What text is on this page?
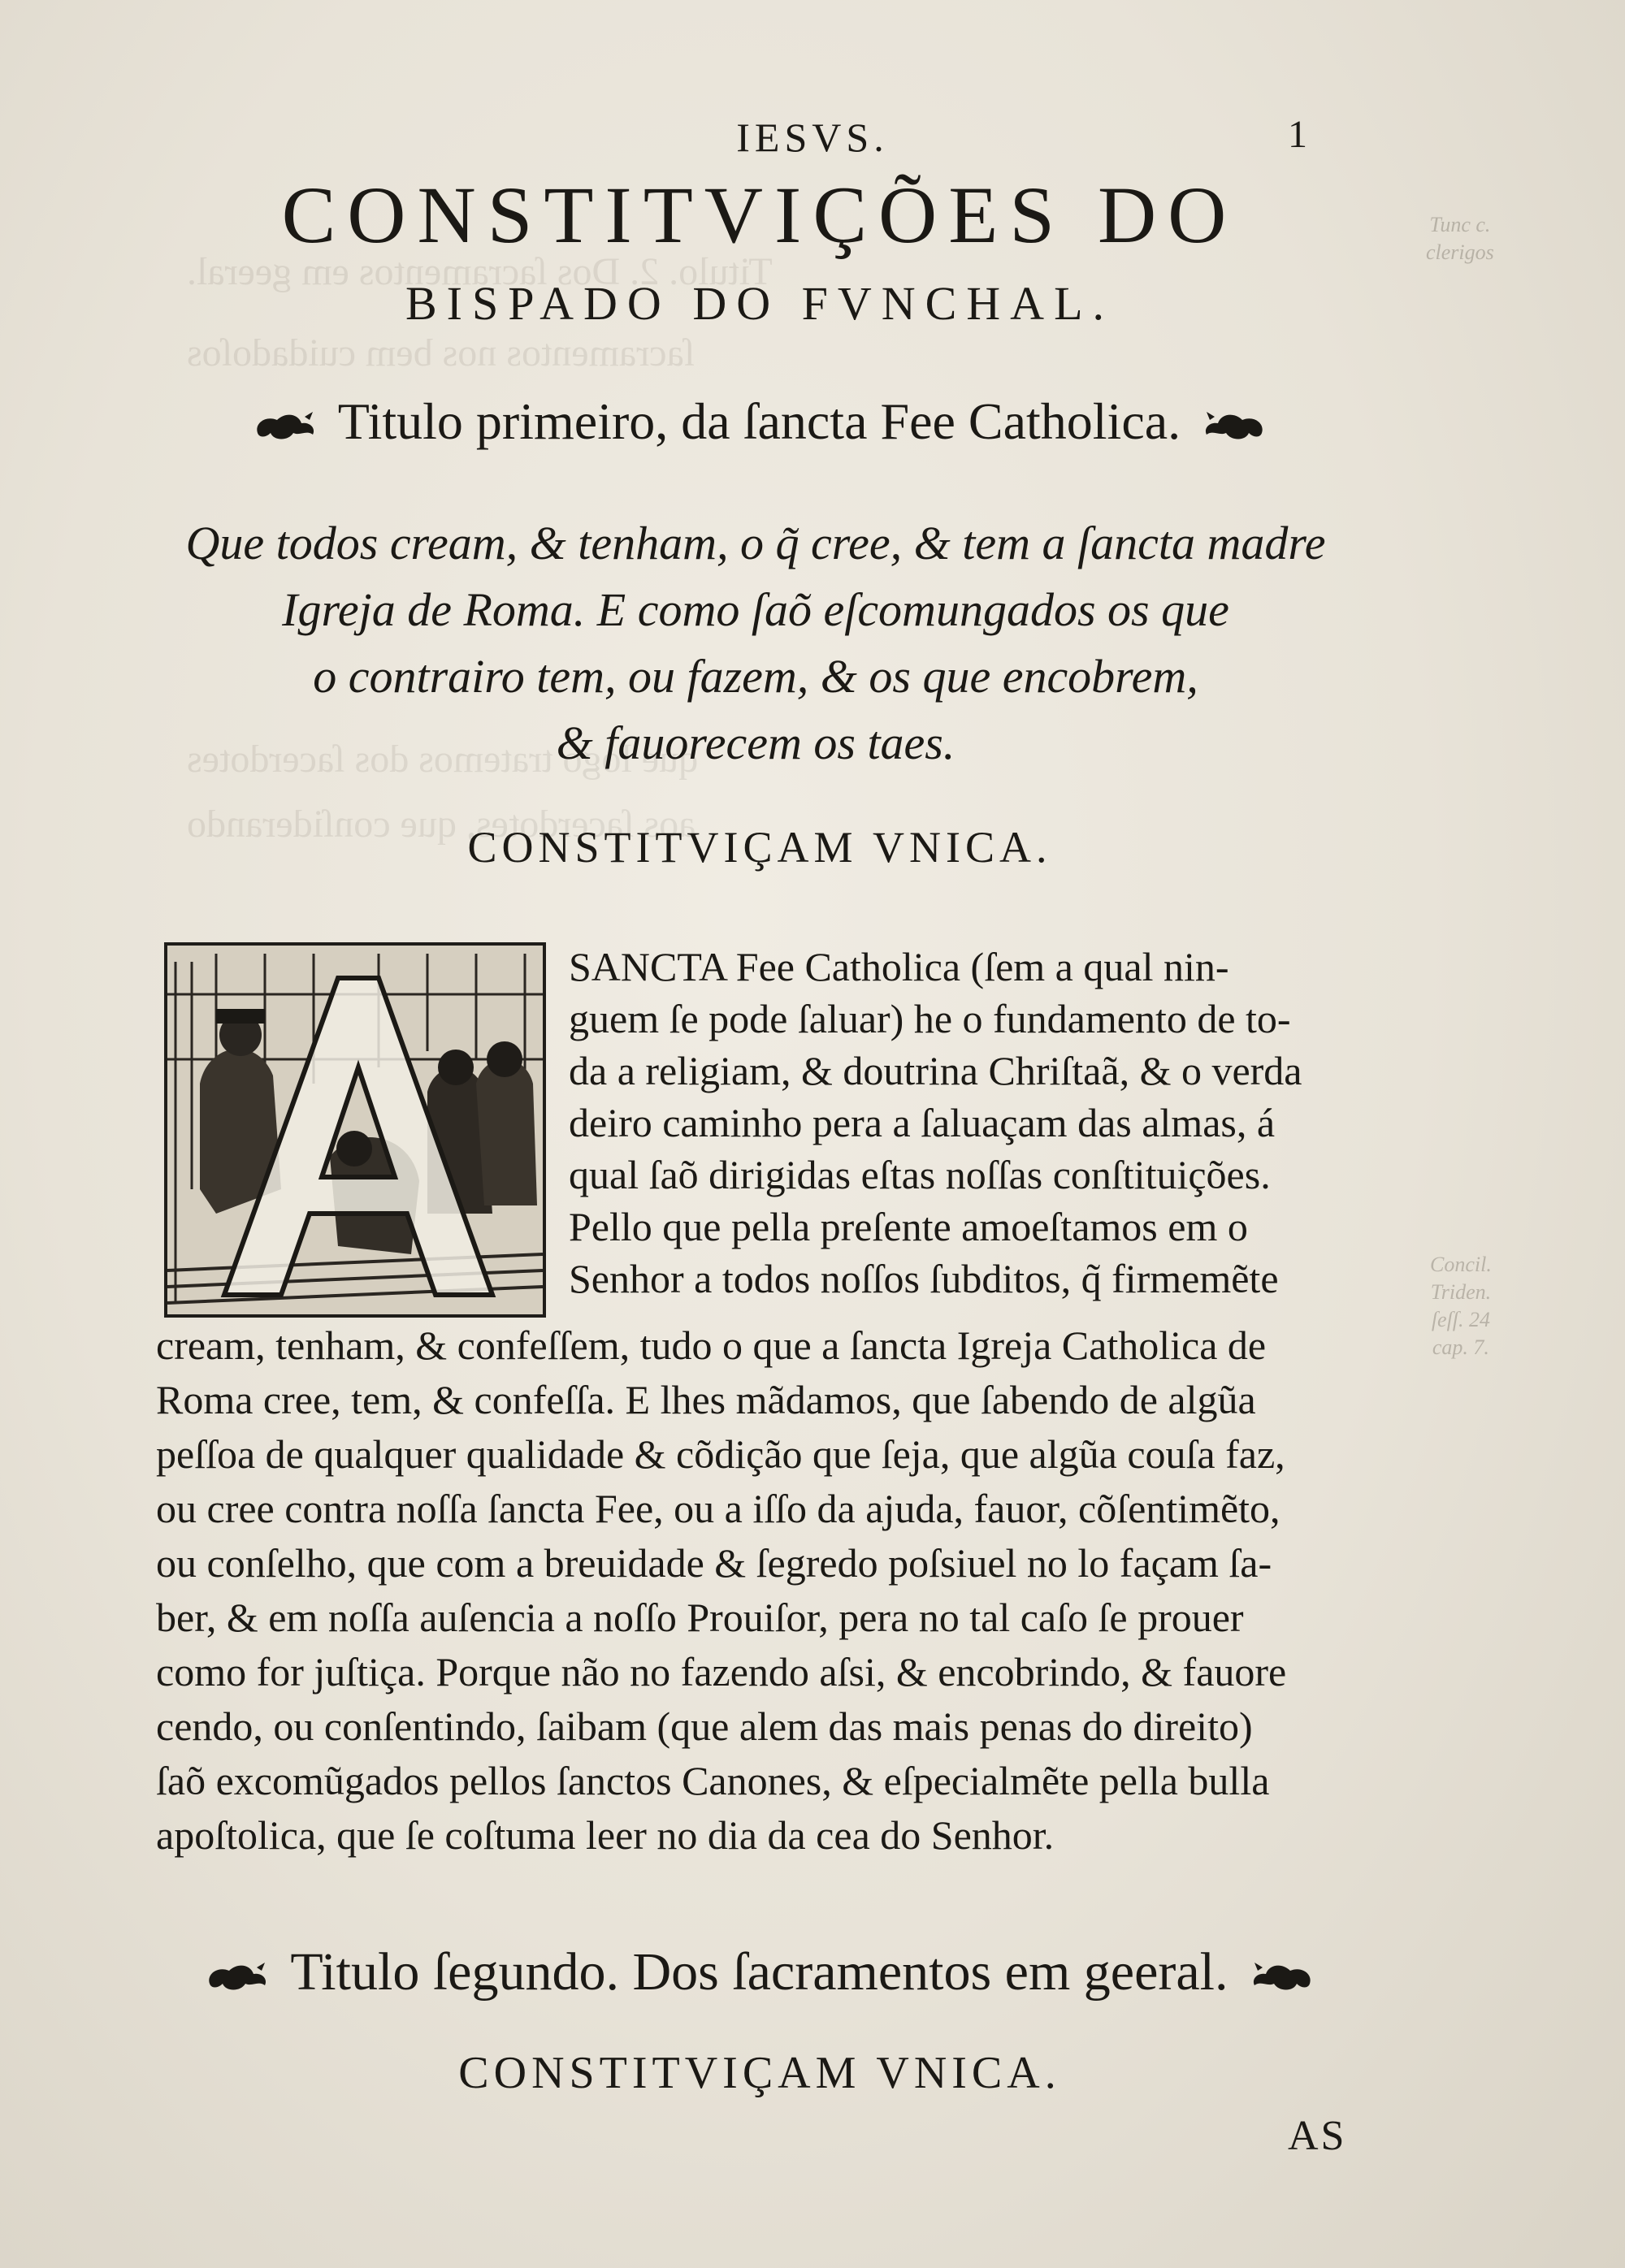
Titulo. 2. Dos ſacramentos em geeral.
ſacramentos nos bem cuidadoſos
que logo tratemos dos ſacerdotes
aos ſacerdotes, que conſiderando
Tunc c.
clerigos
Concil.
Triden.
ſeſſ. 24
cap. 7.
IESVS.	1
CONSTITVIÇÕES DO
BISPADO DO FVNCHAL.
Titulo primeiro, da ſancta Fee Catholica.
Que todos cream, & tenham, o q̃ cree, & tem a ſancta madre
Igreja de Roma. E como ſaõ eſcomungados os que
o contrairo tem, ou fazem, & os que encobrem,
& fauorecem os taes.
CONSTITVIÇAM VNICA.
SANCTA Fee Catholica (ſem a qual nin-
guem ſe pode ſaluar) he o fundamento de to-
da a religiam, & doutrina Chriſtaã, & o verda
deiro caminho pera a ſaluaçam das almas, á
qual ſaõ dirigidas eſtas noſſas conſtituições.
Pello que pella preſente amoeſtamos em o
Senhor a todos noſſos ſubditos, q̃ firmemẽte
cream, tenham, & confeſſem, tudo o que a ſancta Igreja Catholica de
Roma cree, tem, & confeſſa. E lhes mãdamos, que ſabendo de algũa
peſſoa de qualquer qualidade & cõdição que ſeja, que algũa couſa faz,
ou cree contra noſſa ſancta Fee, ou a iſſo da ajuda, fauor, cõſentimẽto,
ou conſelho, que com a breuidade & ſegredo poſsiuel no lo façam ſa-
ber, & em noſſa auſencia a noſſo Prouiſor, pera no tal caſo ſe prouer
como for juſtiça. Porque não no fazendo aſsi, & encobrindo, & fauore
cendo, ou conſentindo, ſaibam (que alem das mais penas do direito)
ſaõ excomũgados pellos ſanctos Canones, & eſpecialmẽte pella bulla
apoſtolica, que ſe coſtuma leer no dia da cea do Senhor.
Titulo ſegundo. Dos ſacramentos em geeral.
CONSTITVIÇAM VNICA.
AS
